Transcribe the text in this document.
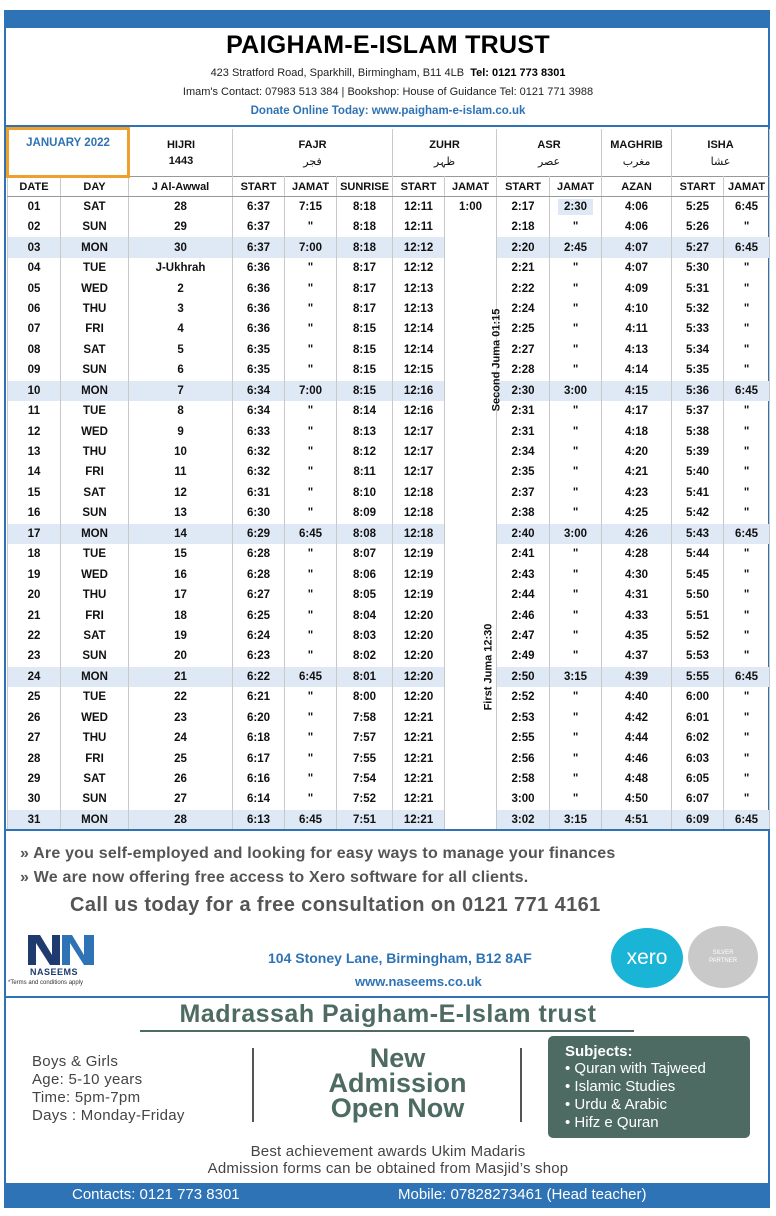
PAIGHAM-E-ISLAM TRUST
423 Stratford Road, Sparkhill, Birmingham, B11 4LB Tel: 0121 773 8301
Imam's Contact: 07983 513 384 | Bookshop: House of Guidance Tel: 0121 771 3988
Donate Online Today: www.paigham-e-islam.co.uk
JANUARY 2022		HIJRI	FAJR			ZUHR		ASR		MAGHRIB	ISHA	
		1443	فجر			ظہر		عصر		مغرب	عشا	
DATE	DAY	J Al-Awwal	START	JAMAT	SUNRISE	START	JAMAT	START	JAMAT	AZAN	START	JAMAT
01	SAT	28	6:37	7:15	8:18	12:11	1:00	2:17	2:30	4:06	5:25	6:45
02	SUN	29	6:37	"	8:18	12:11	Second Juma 01:15	2:18	"	4:06	5:26	"
03	MON	30	6:37	7:00	8:18	12:12		2:20	2:45	4:07	5:27	6:45
04	TUE	J-Ukhrah	6:36	"	8:17	12:12		2:21	"	4:07	5:30	"
05	WED	2	6:36	"	8:17	12:13		2:22	"	4:09	5:31	"
06	THU	3	6:36	"	8:17	12:13		2:24	"	4:10	5:32	"
07	FRI	4	6:36	"	8:15	12:14		2:25	"	4:11	5:33	"
08	SAT	5	6:35	"	8:15	12:14		2:27	"	4:13	5:34	"
09	SUN	6	6:35	"	8:15	12:15		2:28	"	4:14	5:35	"
10	MON	7	6:34	7:00	8:15	12:16		2:30	3:00	4:15	5:36	6:45
11	TUE	8	6:34	"	8:14	12:16		2:31	"	4:17	5:37	"
12	WED	9	6:33	"	8:13	12:17		2:31	"	4:18	5:38	"
13	THU	10	6:32	"	8:12	12:17		2:34	"	4:20	5:39	"
14	FRI	11	6:32	"	8:11	12:17		2:35	"	4:21	5:40	"
15	SAT	12	6:31	"	8:10	12:18		2:37	"	4:23	5:41	"
16	SUN	13	6:30	"	8:09	12:18	First Juma 12:30	2:38	"	4:25	5:42	"
17	MON	14	6:29	6:45	8:08	12:18		2:40	3:00	4:26	5:43	6:45
18	TUE	15	6:28	"	8:07	12:19		2:41	"	4:28	5:44	"
19	WED	16	6:28	"	8:06	12:19		2:43	"	4:30	5:45	"
20	THU	17	6:27	"	8:05	12:19		2:44	"	4:31	5:50	"
21	FRI	18	6:25	"	8:04	12:20		2:46	"	4:33	5:51	"
22	SAT	19	6:24	"	8:03	12:20		2:47	"	4:35	5:52	"
23	SUN	20	6:23	"	8:02	12:20		2:49	"	4:37	5:53	"
24	MON	21	6:22	6:45	8:01	12:20		2:50	3:15	4:39	5:55	6:45
25	TUE	22	6:21	"	8:00	12:20		2:52	"	4:40	6:00	"
26	WED	23	6:20	"	7:58	12:21		2:53	"	4:42	6:01	"
27	THU	24	6:18	"	7:57	12:21		2:55	"	4:44	6:02	"
28	FRI	25	6:17	"	7:55	12:21		2:56	"	4:46	6:03	"
29	SAT	26	6:16	"	7:54	12:21		2:58	"	4:48	6:05	"
30	SUN	27	6:14	"	7:52	12:21		3:00	"	4:50	6:07	"
31	MON	28	6:13	6:45	7:51	12:21		3:02	3:15	4:51	6:09	6:45
» Are you self-employed and looking for easy ways to manage your finances
» We are now offering free access to Xero software for all clients.
Call us today for a free consultation on 0121 771 4161
NASEEMS
*Terms and conditions apply
104 Stoney Lane, Birmingham, B12 8AF
www.naseems.co.uk
xero	SILVER
PARTNER
Madrassah Paigham-E-Islam trust
Boys & Girls
Age: 5-10 years
Time: 5pm-7pm
Days : Monday-Friday
New
Admission
Open Now
Subjects:
• Quran with Tajweed
• Islamic Studies
• Urdu & Arabic
• Hifz e Quran
Best achievement awards Ukim Madaris
Admission forms can be obtained from Masjid’s shop
Contacts: 0121 773 8301	Mobile: 07828273461 (Head teacher)
